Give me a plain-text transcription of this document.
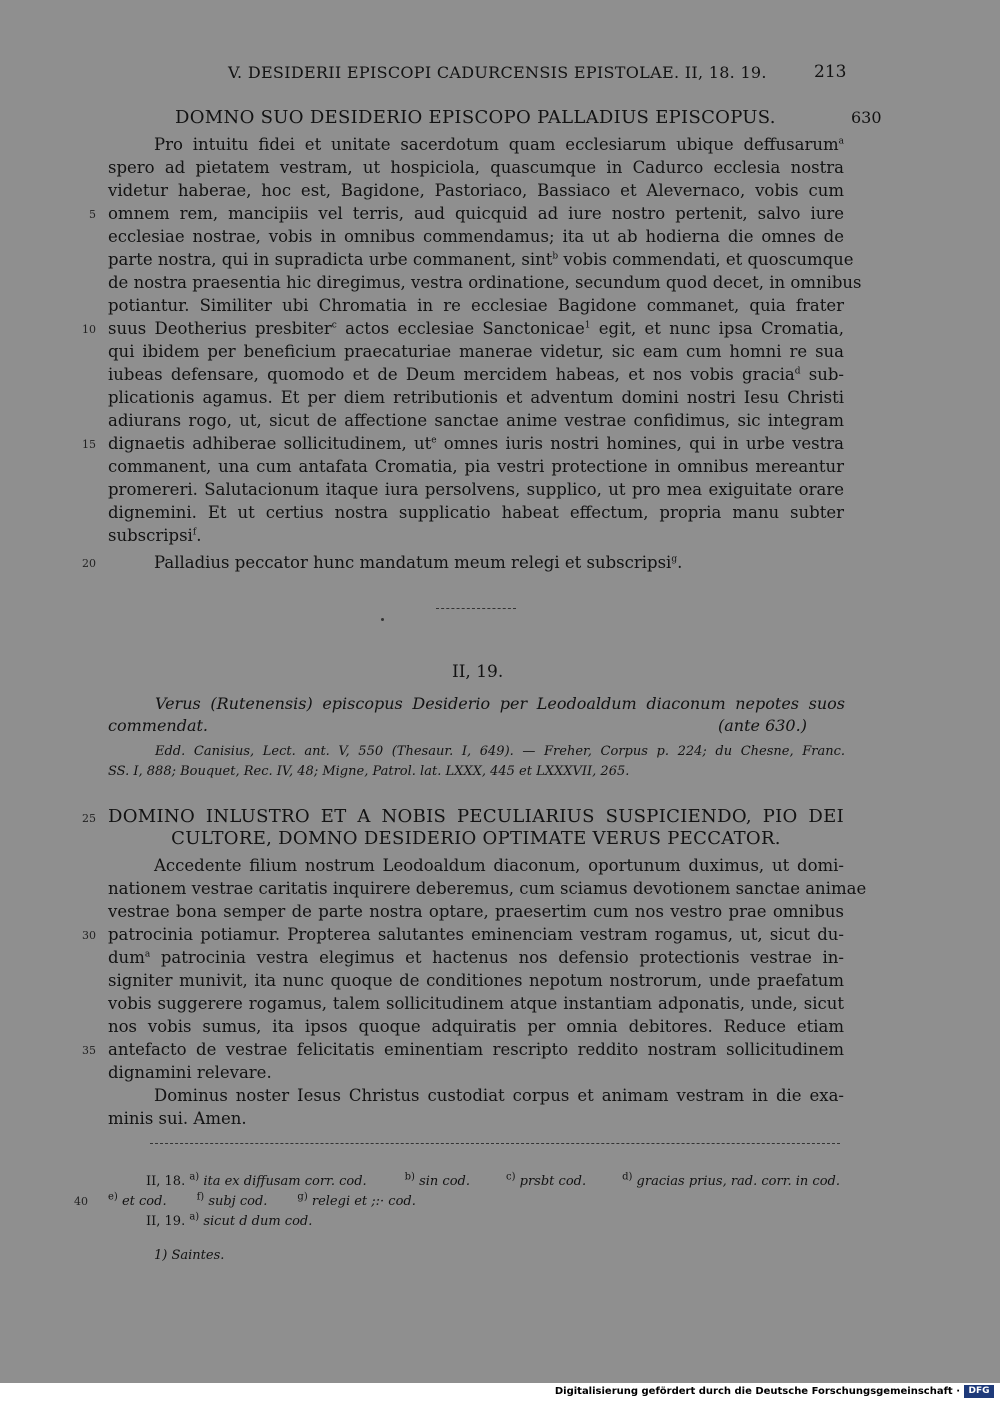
V. DESIDERII EPISCOPI CADURCENSIS EPISTOLAE. II, 18. 19.	213
DOMNO SUO DESIDERIO EPISCOPO PALLADIUS EPISCOPUS.	630
II, 19.
Verus (Rutenensis) episcopus Desiderio per Leodoaldum diaconum nepotes suos
commendat.	(ante 630.)
Edd. Canisius, Lect. ant. V, 550 (Thesaur. I, 649). — Freher, Corpus p. 224; du Chesne, Franc.
SS. I, 888; Bouquet, Rec. IV, 48; Migne, Patrol. lat. LXXX, 445 et LXXXVII, 265.
25 DOMINO INLUSTRO ET A NOBIS PECULIARIUS SUSPICIENDO, PIO DEI
CULTORE, DOMNO DESIDERIO OPTIMATE VERUS PECCATOR.
Digitalisierung gefördert durch die Deutsche Forschungsgemeinschaft · DFG
Pro intuitu fidei et unitate sacerdotum quam ecclesiarum ubique deffusarum$^a$
spero ad pietatem vestram, ut hospiciola, quascumque in Cadurco ecclesia nostra
videtur haberae, hoc est, Bagidone, Pastoriaco, Bassiaco et Alevernaco, vobis cum
omnem rem, mancipiis vel terris, aud quicquid ad iure nostro pertenit, salvo iure
5
ecclesiae nostrae, vobis in omnibus commendamus; ita ut ab hodierna die omnes de
parte nostra, qui in supradicta urbe commanent, sint$^b$ vobis commendati, et quoscumque
de nostra praesentia hic diregimus, vestra ordinatione, secundum quod decet, in omnibus
potiantur. Similiter ubi Chromatia in re ecclesiae Bagidone commanet, quia frater
suus Deotherius presbiter$^c$ actos ecclesiae Sanctonicae$^1$ egit, et nunc ipsa Cromatia,
10
qui ibidem per beneficium praecaturiae manerae videtur, sic eam cum homni re sua
iubeas defensare, quomodo et de Deum mercidem habeas, et nos vobis gracia$^d$ sub-
plicationis agamus. Et per diem retributionis et adventum domini nostri Iesu Christi
adiurans rogo, ut, sicut de affectione sanctae anime vestrae confidimus, sic integram
dignaetis adhiberae sollicitudinem, $ut^e$ omnes iuris nostri homines, qui in urbe vestra
15
commanent, una cum antafata Cromatia, pia vestri protectione in omnibus mereantur
promereri. Salutacionum itaque iura persolvens, supplico, ut pro mea exiguitate orare
dignemini. Et ut certius nostra supplicatio habeat effectum, propria manu subter
subscripsi$^f$.
Palladius peccator hunc mandatum meum relegi et subscripsi$^g$.
20
Accedente filium nostrum Leodoaldum diaconum, oportunum duximus, ut domi-
nationem vestrae caritatis inquirere deberemus, cum sciamus devotionem sanctae animae
vestrae bona semper de parte nostra optare, praesertim cum nos vestro prae omnibus
patrocinia potiamur. Propterea salutantes eminenciam vestram rogamus, ut, sicut du-
30
dum$^a$ patrocinia vestra elegimus et hactenus nos defensio protectionis vestrae in-
signiter munivit, ita nunc quoque de conditiones nepotum nostrorum, unde praefatum
vobis suggerere rogamus, talem sollicitudinem atque instantiam adponatis, unde, sicut
nos vobis sumus, ita ipsos quoque adquiratis per omnia debitores. Reduce etiam
antefacto de vestrae felicitatis eminentiam rescripto reddito nostram sollicitudinem
35
dignamini relevare.
Dominus noster Iesus Christus custodiat corpus et animam vestram in die exa-
minis sui. Amen.
II, 18. $^{a)}$ ita ex diffusam corr. cod.	$^{b)}$ sin cod.	$^{c)}$ prsbt cod.	$^{d)}$ gracias prius, rad. corr. in cod.
$^{e)}$ et cod.	$^{f)}$ subj cod.	$^{g)}$ relegi et ;:· cod.
40
II, 19. $^{a)}$ sicut d dum cod.
1) Saintes.
